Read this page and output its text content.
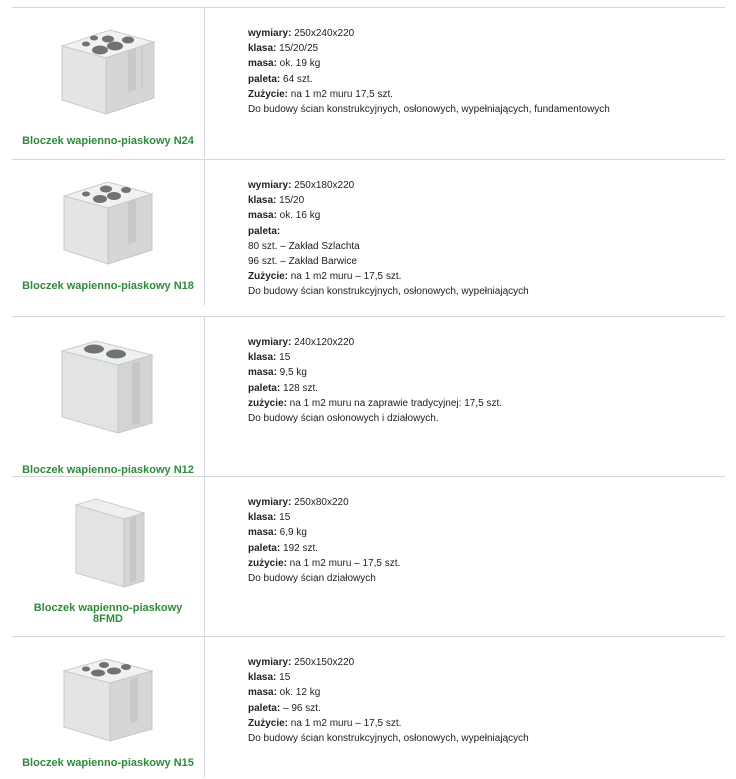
Bloczek wapienno-piaskowy N24
wymiary: 250x240x220
klasa: 15/20/25
masa: ok. 19 kg
paleta: 64 szt.
Zużycie: na 1 m2 muru 17,5 szt.
Do budowy ścian konstrukcyjnych, osłonowych, wypełniających, fundamentowych
Bloczek wapienno-piaskowy N18
wymiary: 250x180x220
klasa: 15/20
masa: ok. 16 kg
paleta:
80 szt. – Zakład Szlachta
96 szt. – Zakład Barwice
Zużycie: na 1 m2 muru – 17,5 szt.
Do budowy ścian konstrukcyjnych, osłonowych, wypełniających
Bloczek wapienno-piaskowy N12
wymiary: 240x120x220
klasa: 15
masa: 9,5 kg
paleta: 128 szt.
zużycie: na 1 m2 muru na zaprawie tradycyjnej: 17,5 szt.
Do budowy ścian osłonowych i działowych.
Bloczek wapienno-piaskowy 8FMD
wymiary: 250x80x220
klasa: 15
masa: 6,9 kg
paleta: 192 szt.
zużycie: na 1 m2 muru – 17,5 szt.
Do budowy ścian działowych
Bloczek wapienno-piaskowy N15
wymiary: 250x150x220
klasa: 15
masa: ok. 12 kg
paleta: – 96 szt.
Zużycie: na 1 m2 muru – 17,5 szt.
Do budowy ścian konstrukcyjnych, osłonowych, wypełniających
